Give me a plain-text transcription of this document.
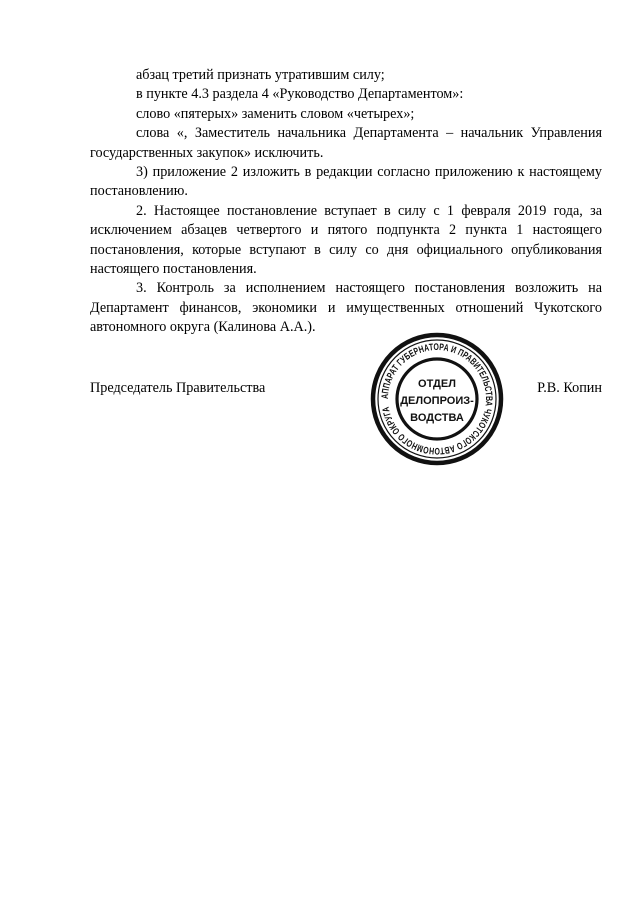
абзац третий признать утратившим силу;

в пункте 4.3 раздела 4 «Руководство Департаментом»:

слово «пятерых» заменить словом «четырех»;

слова «, Заместитель начальника Департамента – начальник Управления государственных закупок» исключить.

3) приложение 2 изложить в редакции согласно приложению к настоящему постановлению.

2. Настоящее постановление вступает в силу с 1 февраля 2019 года, за исключением абзацев четвертого и пятого подпункта 2 пункта 1 настоящего постановления, которые вступают в силу со дня официального опубликования настоящего постановления.

3. Контроль за исполнением настоящего постановления возложить на Департамент финансов, экономики и имущественных отношений Чукотского автономного округа (Калинова А.А.).

Председатель Правительства	Р.В. Копин
АППАРАТ ГУБЕРНАТОРА И ПРАВИТЕЛЬСТВА ЧУКОТСКОГО АВТОНОМНОГО ОКРУГА
ОТДЕЛ
ДЕЛОПРОИЗ-
ВОДСТВА
